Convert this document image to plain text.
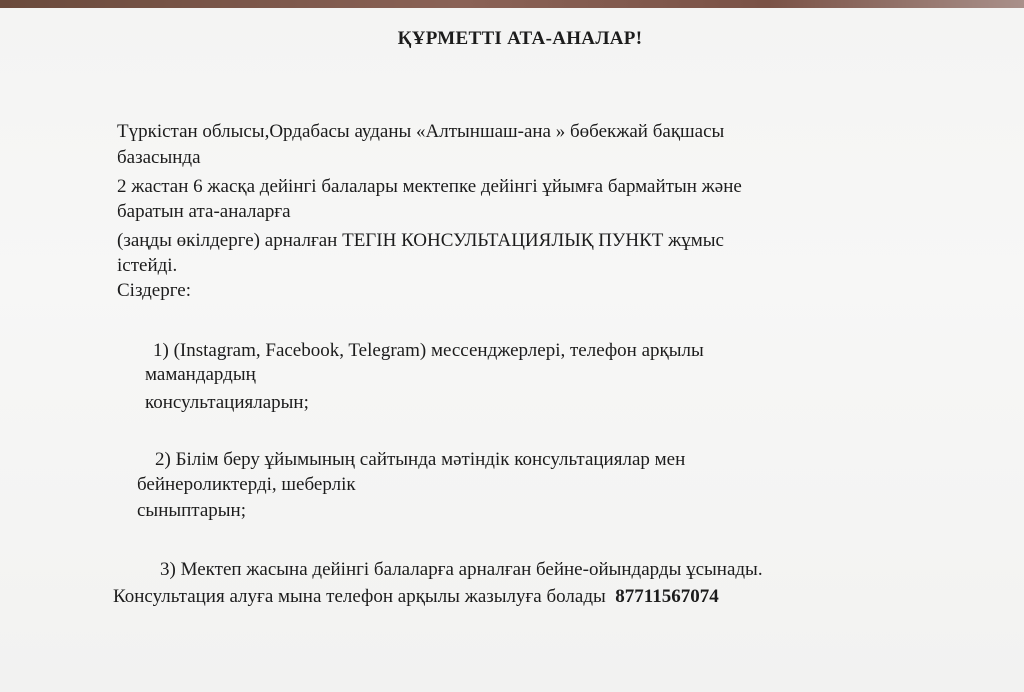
ҚҰРМЕТТІ АТА-АНАЛАР!
Түркістан облысы,Ордабасы ауданы «Алтыншаш-ана » бөбекжай бақшасы
базасында
2 жастан 6 жасқа дейінгі балалары мектепке дейінгі ұйымға бармайтын және
баратын ата-аналарға
(заңды өкілдерге) арналған ТЕГІН КОНСУЛЬТАЦИЯЛЫҚ ПУНКТ жұмыс
істейді.
Сіздерге:
1) (Instagram, Facebook, Telegram) мессенджерлері, телефон арқылы
мамандардың
консультацияларын;
2) Білім беру ұйымының сайтында мәтіндік консультациялар мен
бейнероликтерді, шеберлік
сыныптарын;
3) Мектеп жасына дейінгі балаларға арналған бейне-ойындарды ұсынады.
Консультация алуға мына телефон арқылы жазылуға болады 87711567074
